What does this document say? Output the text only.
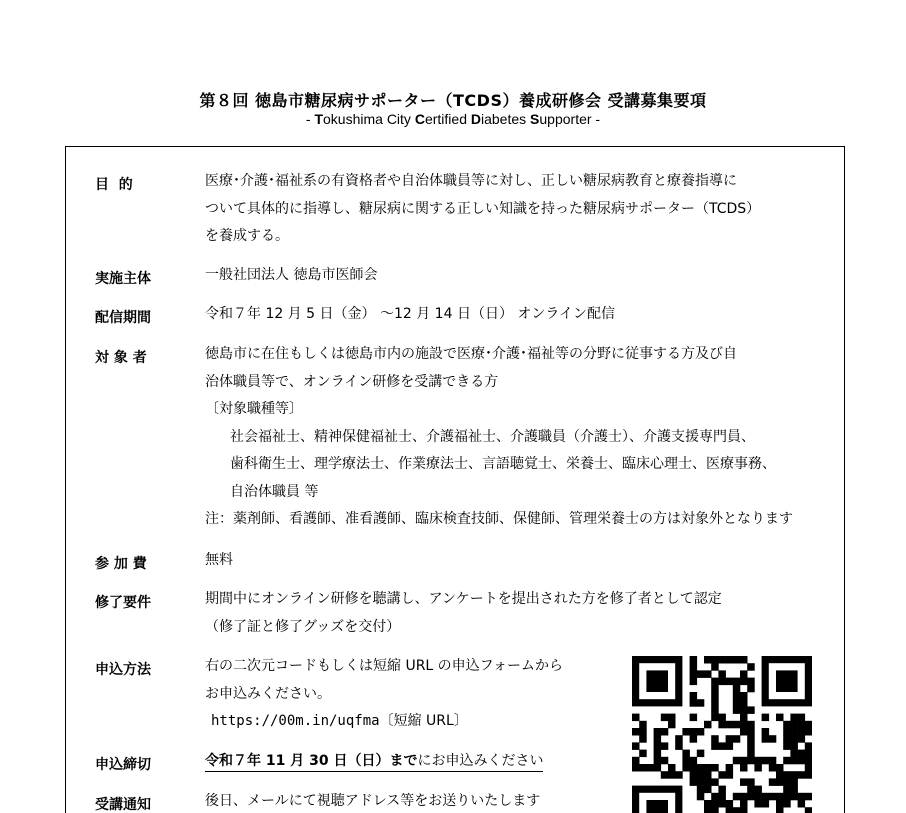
第８回 徳島市糖尿病サポーター（TCDS）養成研修会 受講募集要項
- Tokushima City Certified Diabetes Supporter -
目  的	医療･介護･福祉系の有資格者や自治体職員等に対し、正しい糖尿病教育と療養指導に
ついて具体的に指導し、糖尿病に関する正しい知識を持った糖尿病サポーター（TCDS）
を養成する。
実施主体	一般社団法人 徳島市医師会
配信期間	令和７年 12 月 5 日（金） ～12 月 14 日（日） オンライン配信
対 象 者	徳島市に在住もしくは徳島市内の施設で医療･介護･福祉等の分野に従事する方及び自
治体職員等で、オンライン研修を受講できる方
〔対象職種等〕
社会福祉士、精神保健福祉士、介護福祉士、介護職員（介護士）、介護支援専門員、
歯科衛生士、理学療法士、作業療法士、言語聴覚士、栄養士、臨床心理士、医療事務、
自治体職員 等
注：薬剤師、看護師、准看護師、臨床検査技師、保健師、管理栄養士の方は対象外となります
参 加 費	無料
修了要件	期間中にオンライン研修を聴講し、アンケートを提出された方を修了者として認定
（修了証と修了グッズを交付）
申込方法	右の二次元コードもしくは短縮 URL の申込フォームから
お申込みください。
https://00m.in/uqfma〔短縮 URL〕
申込締切	令和７年 11 月 30 日（日）までにお申込みください
受講通知	後日、メールにて視聴アドレス等をお送りいたします
